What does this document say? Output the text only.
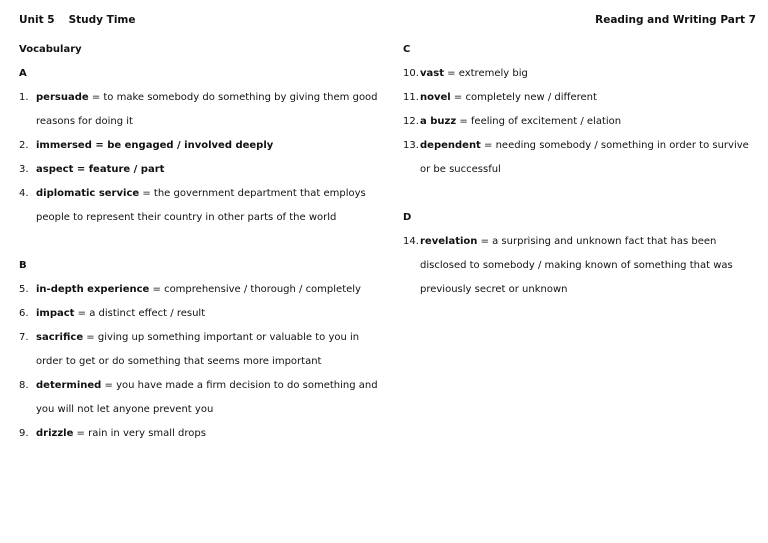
Unit 5 Study Time	Reading and Writing Part 7
Vocabulary
A
1. persuade = to make somebody do something by giving them good reasons for doing it
2. immersed = be engaged / involved deeply
3. aspect = feature / part
4. diplomatic service = the government department that employs people to represent their country in other parts of the world
B
5. in-depth experience = comprehensive / thorough / completely
6. impact = a distinct effect / result
7. sacrifice = giving up something important or valuable to you in order to get or do something that seems more important
8. determined = you have made a firm decision to do something and you will not let anyone prevent you
9. drizzle = rain in very small drops
C
10. vast = extremely big
11. novel = completely new / different
12. a buzz = feeling of excitement / elation
13. dependent = needing somebody / something in order to survive or be successful
D
14. revelation = a surprising and unknown fact that has been disclosed to somebody / making known of something that was previously secret or unknown
